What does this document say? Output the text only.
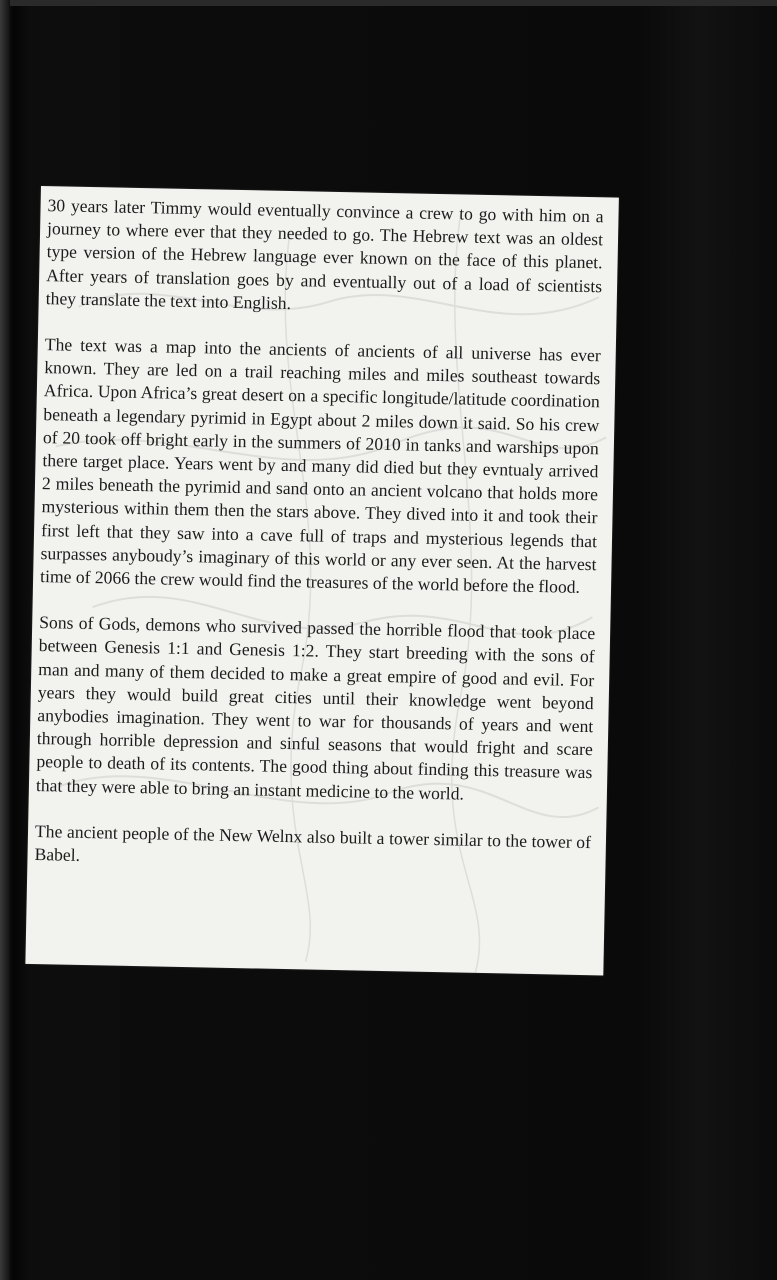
30 years later Timmy would eventually convince a crew to go with him on a journey to where ever that they needed to go. The Hebrew text was an oldest type version of the Hebrew language ever known on the face of this planet. After years of translation goes by and eventually out of a load of scientists they translate the text into English.

The text was a map into the ancients of ancients of all universe has ever known. They are led on a trail reaching miles and miles southeast towards Africa. Upon Africa’s great desert on a specific longitude/latitude coordination beneath a legendary pyrimid in Egypt about 2 miles down it said. So his crew of 20 took off bright early in the summers of 2010 in tanks and warships upon there target place. Years went by and many did died but they evntualy arrived 2 miles beneath the pyrimid and sand onto an ancient volcano that holds more mysterious within them then the stars above. They dived into it and took their first left that they saw into a cave full of traps and mysterious legends that surpasses anyboudy’s imaginary of this world or any ever seen. At the harvest time of 2066 the crew would find the treasures of the world before the flood.

Sons of Gods, demons who survived passed the horrible flood that took place between Genesis 1:1 and Genesis 1:2. They start breeding with the sons of man and many of them decided to make a great empire of good and evil. For years they would build great cities until their knowledge went beyond anybodies imagination. They went to war for thousands of years and went through horrible depression and sinful seasons that would fright and scare people to death of its contents. The good thing about finding this treasure was that they were able to bring an instant medicine to the world.

The ancient people of the New Welnx also built a tower similar to the tower of Babel.
